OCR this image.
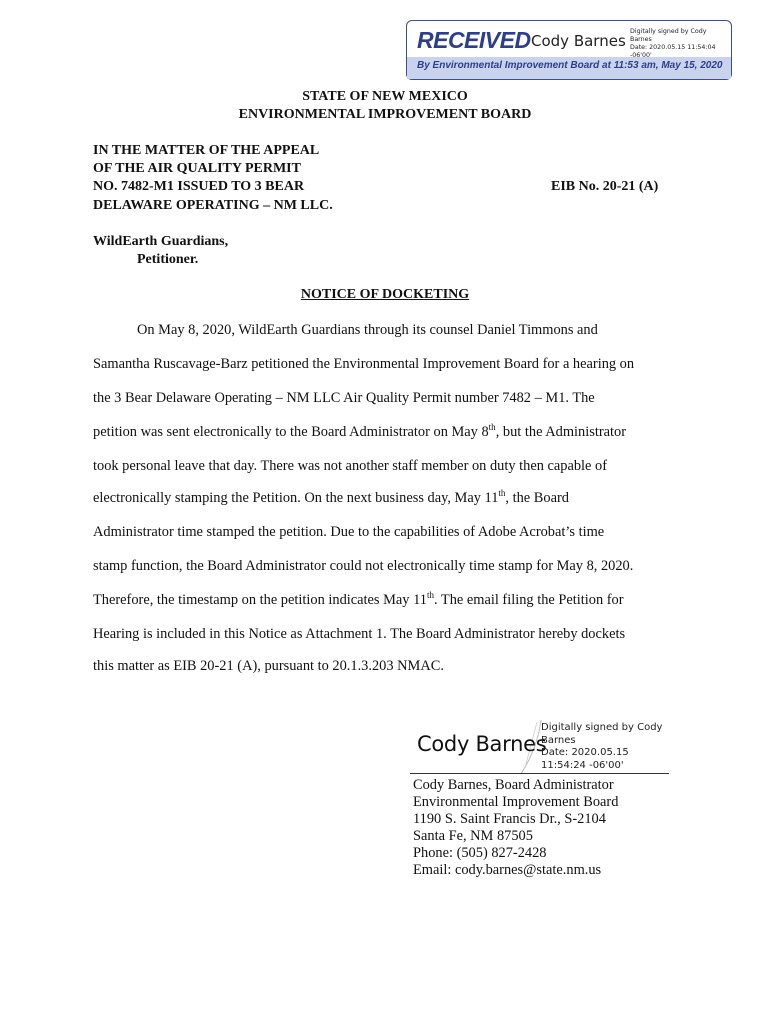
RECEIVED Cody Barnes
Digitally signed by Cody Barnes
Date: 2020.05.15 11:54:04
-06'00'
By Environmental Improvement Board at 11:53 am, May 15, 2020
STATE OF NEW MEXICO
ENVIRONMENTAL IMPROVEMENT BOARD
IN THE MATTER OF THE APPEAL
OF THE AIR QUALITY PERMIT
NO. 7482-M1 ISSUED TO 3 BEAR
DELAWARE OPERATING – NM LLC.
EIB No. 20-21 (A)
WildEarth Guardians,
Petitioner.
NOTICE OF DOCKETING
On May 8, 2020, WildEarth Guardians through its counsel Daniel Timmons and
Samantha Ruscavage-Barz petitioned the Environmental Improvement Board for a hearing on
the 3 Bear Delaware Operating – NM LLC Air Quality Permit number 7482 – M1. The
petition was sent electronically to the Board Administrator on May 8th, but the Administrator
took personal leave that day. There was not another staff member on duty then capable of
electronically stamping the Petition. On the next business day, May 11th, the Board
Administrator time stamped the petition. Due to the capabilities of Adobe Acrobat’s time
stamp function, the Board Administrator could not electronically time stamp for May 8, 2020.
Therefore, the timestamp on the petition indicates May 11th. The email filing the Petition for
Hearing is included in this Notice as Attachment 1. The Board Administrator hereby dockets
this matter as EIB 20-21 (A), pursuant to 20.1.3.203 NMAC.
Cody Barnes
Digitally signed by Cody
Barnes
Date: 2020.05.15
11:54:24 -06'00'
Cody Barnes, Board Administrator
Environmental Improvement Board
1190 S. Saint Francis Dr., S-2104
Santa Fe, NM 87505
Phone: (505) 827-2428
Email: cody.barnes@state.nm.us
